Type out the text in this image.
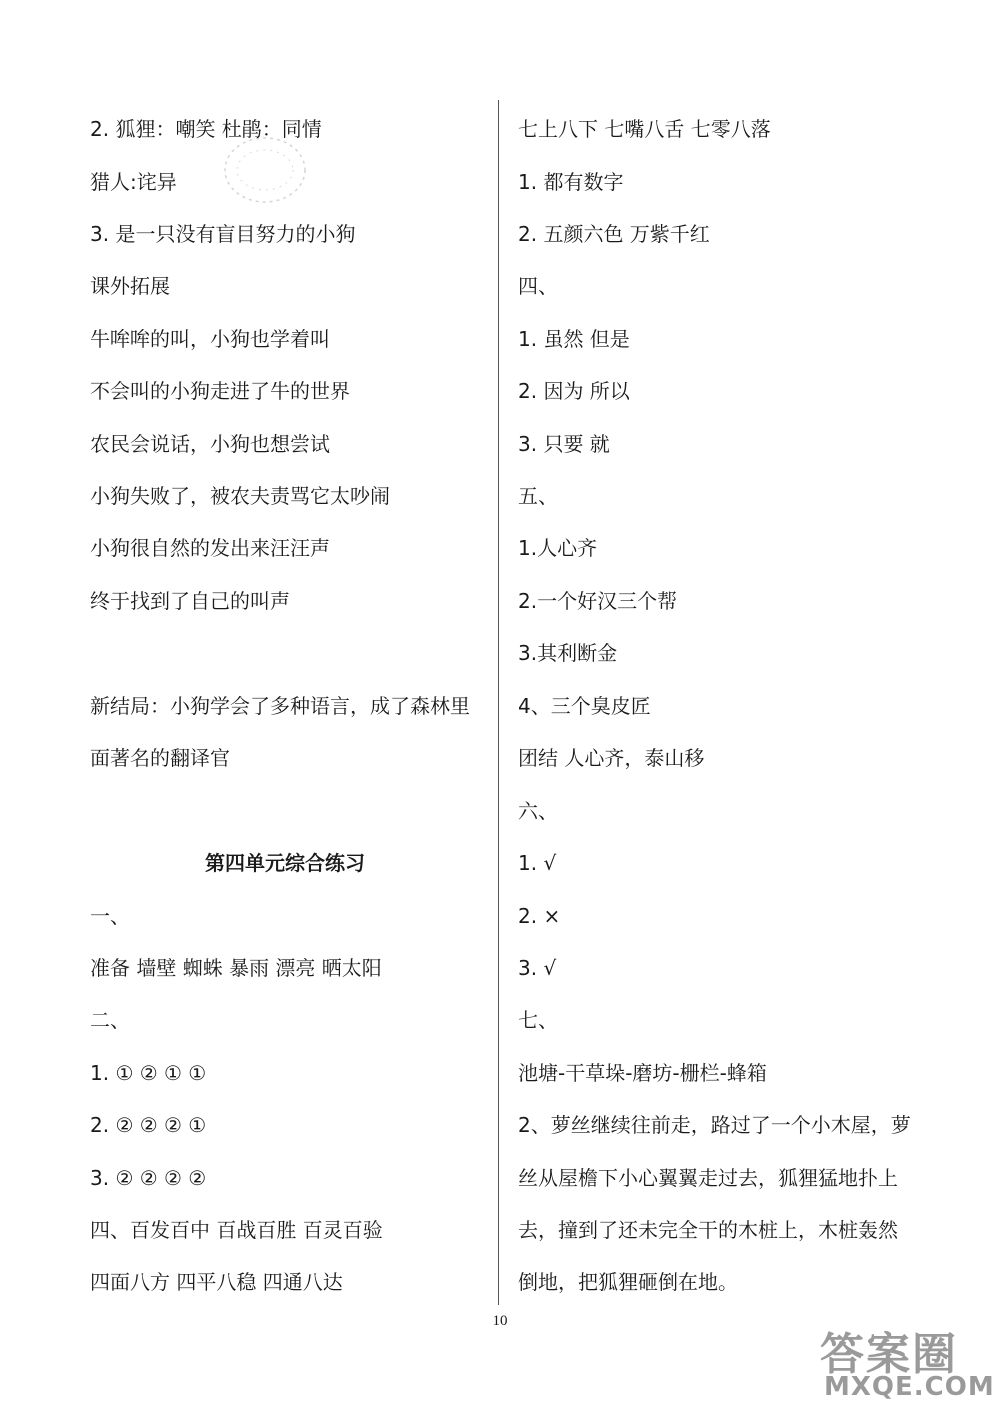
2. 狐狸：嘲笑 杜鹃：同情
猎人:诧异
3. 是一只没有盲目努力的小狗
课外拓展
牛哞哞的叫，小狗也学着叫
不会叫的小狗走进了牛的世界
农民会说话，小狗也想尝试
小狗失败了，被农夫责骂它太吵闹
小狗很自然的发出来汪汪声
终于找到了自己的叫声
新结局：小狗学会了多种语言，成了森林里
面著名的翻译官
第四单元综合练习
一、
准备 墙壁 蜘蛛 暴雨 漂亮 晒太阳
二、
1. ① ② ① ①
2. ② ② ② ①
3. ② ② ② ②
四、百发百中 百战百胜 百灵百验
四面八方 四平八稳 四通八达
七上八下 七嘴八舌 七零八落
1. 都有数字
2. 五颜六色 万紫千红
四、
1. 虽然 但是
2. 因为 所以
3. 只要 就
五、
1.人心齐
2.一个好汉三个帮
3.其利断金
4、三个臭皮匠
团结 人心齐，泰山移
六、
1. √
2. ×
3. √
七、
池塘-干草垛-磨坊-栅栏-蜂箱
2、萝丝继续往前走，路过了一个小木屋，萝
丝从屋檐下小心翼翼走过去，狐狸猛地扑上
去，撞到了还未完全干的木桩上，木桩轰然
倒地，把狐狸砸倒在地。
10
答案圈
MXQE.COM
